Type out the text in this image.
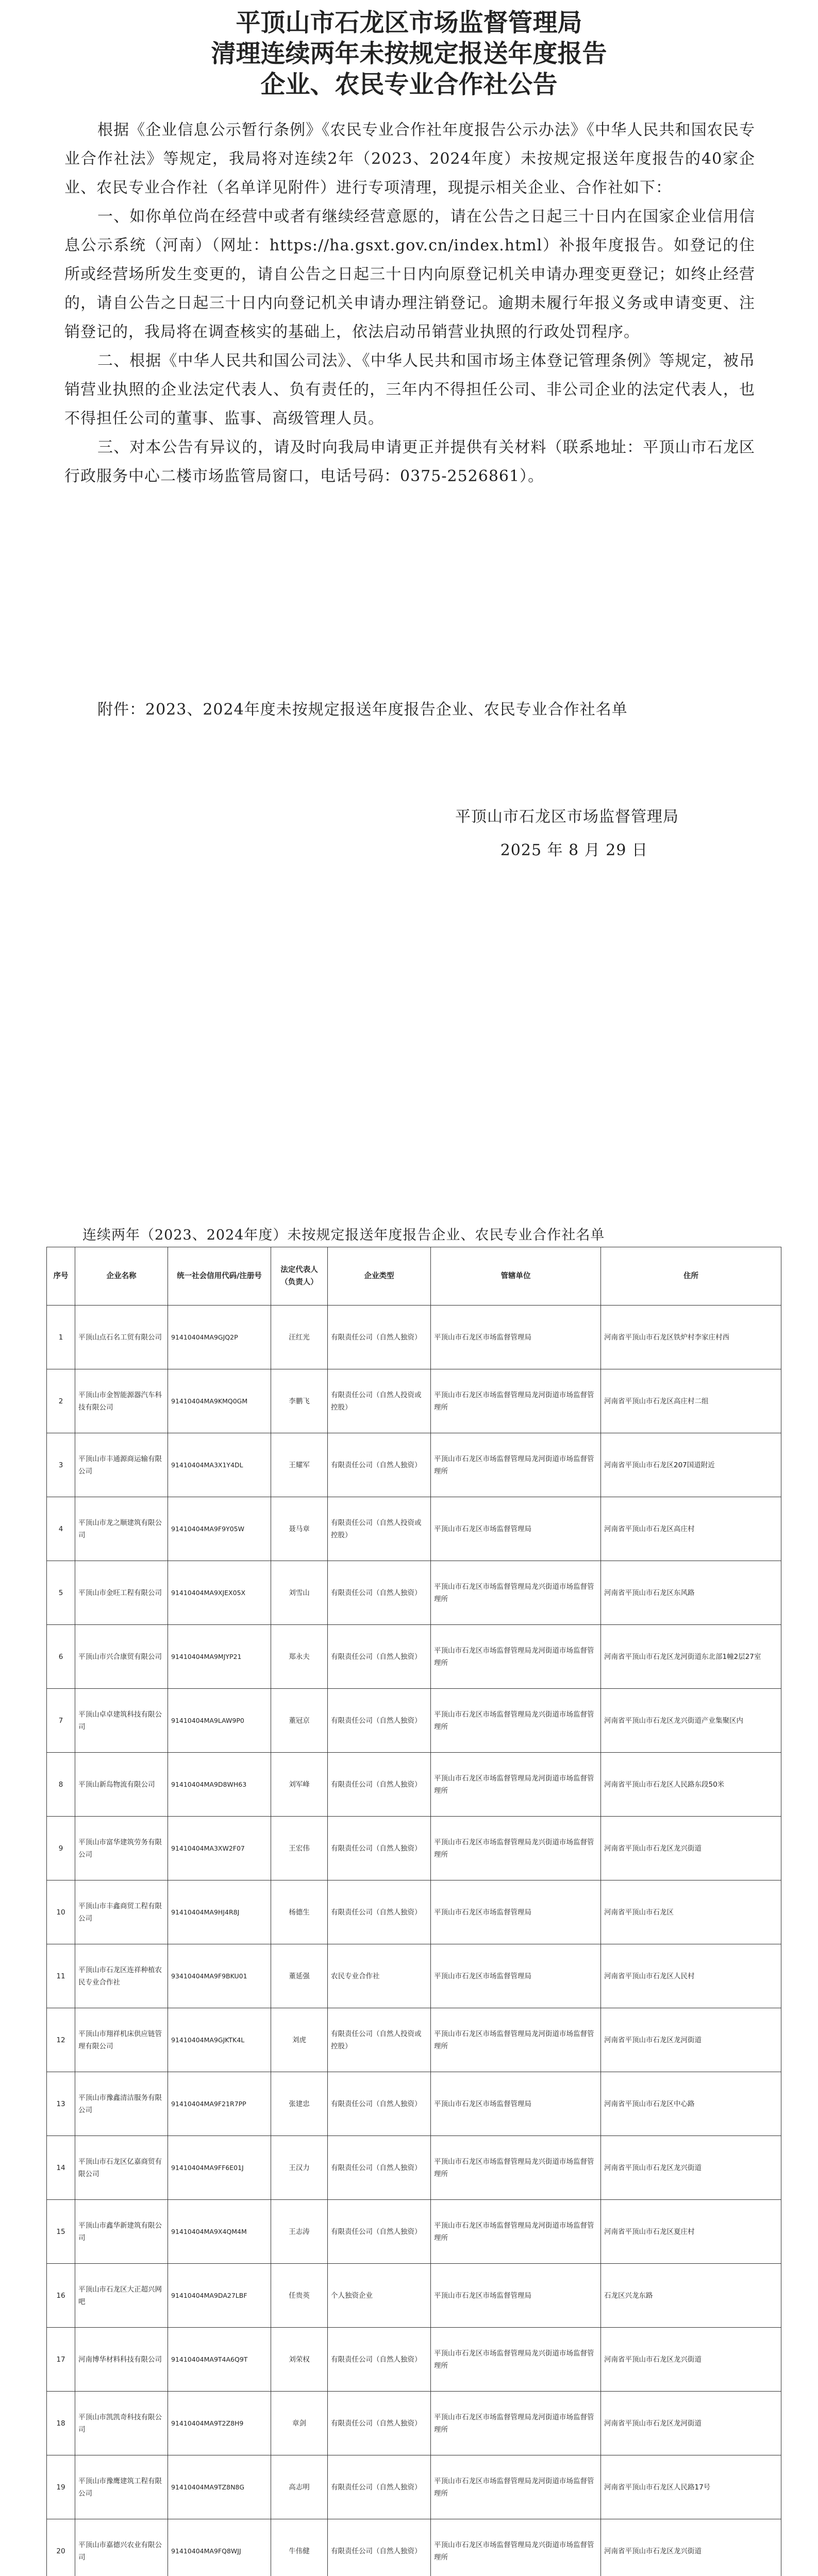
平顶山市石龙区市场监督管理局
清理连续两年未按规定报送年度报告
企业、农民专业合作社公告

根据《企业信息公示暂行条例》《农民专业合作社年度报告公示办法》《中华人民共和国农民专业合作社法》等规定，我局将对连续2年（2023、2024年度）未按规定报送年度报告的40家企业、农民专业合作社（名单详见附件）进行专项清理，现提示相关企业、合作社如下：

一、如你单位尚在经营中或者有继续经营意愿的，请在公告之日起三十日内在国家企业信用信息公示系统（河南）（网址：https://ha.gsxt.gov.cn/index.html）补报年度报告。如登记的住所或经营场所发生变更的，请自公告之日起三十日内向原登记机关申请办理变更登记；如终止经营的，请自公告之日起三十日内向登记机关申请办理注销登记。逾期未履行年报义务或申请变更、注销登记的，我局将在调查核实的基础上，依法启动吊销营业执照的行政处罚程序。

二、根据《中华人民共和国公司法》、《中华人民共和国市场主体登记管理条例》等规定，被吊销营业执照的企业法定代表人、负有责任的，三年内不得担任公司、非公司企业的法定代表人，也不得担任公司的董事、监事、高级管理人员。

三、对本公告有异议的，请及时向我局申请更正并提供有关材料（联系地址：平顶山市石龙区行政服务中心二楼市场监管局窗口，电话号码：0375-2526861）。

附件：2023、2024年度未按规定报送年度报告企业、农民专业合作社名单
平顶山市石龙区市场监督管理局
2025 年 8 月 29 日
连续两年（2023、2024年度）未按规定报送年度报告企业、农民专业合作社名单
序号	企业名称	统一社会信用代码/注册号	法定代表人（负责人）	企业类型	管辖单位	住所
1	平顶山点石名工贸有限公司	91410404MA9GJQ2P	汪红光	有限责任公司（自然人独资）	平顶山市石龙区市场监督管理局	河南省平顶山市石龙区铁炉村李家庄村西
2	平顶山市金智能源器汽车科技有限公司	91410404MA9KMQ0GM	李鹏飞	有限责任公司（自然人投资或控股）	平顶山市石龙区市场监督管理局龙河街道市场监督管理所	河南省平顶山市石龙区高庄村二组
3	平顶山市丰通源商运输有限公司	91410404MA3X1Y4DL	王耀军	有限责任公司（自然人独资）	平顶山市石龙区市场监督管理局龙河街道市场监督管理所	河南省平顶山市石龙区207国道附近
4	平顶山市龙之顺建筑有限公司	91410404MA9F9Y05W	聂马章	有限责任公司（自然人投资或控股）	平顶山市石龙区市场监督管理局	河南省平顶山市石龙区高庄村
5	平顶山市金旺工程有限公司	91410404MA9XJEX05X	刘雪山	有限责任公司（自然人独资）	平顶山市石龙区市场监督管理局龙兴街道市场监督管理所	河南省平顶山市石龙区东风路
6	平顶山市兴合康贸有限公司	91410404MA9MJYP21	郑永夫	有限责任公司（自然人独资）	平顶山市石龙区市场监督管理局龙河街道市场监督管理所	河南省平顶山市石龙区龙河街道东北部1幢2层27室
7	平顶山卓卓建筑科技有限公司	91410404MA9LAW9P0	董冠京	有限责任公司（自然人独资）	平顶山市石龙区市场监督管理局龙兴街道市场监督管理所	河南省平顶山市石龙区龙兴街道产业集聚区内
8	平顶山新岛物流有限公司	91410404MA9D8WH63	刘军峰	有限责任公司（自然人独资）	平顶山市石龙区市场监督管理局龙河街道市场监督管理所	河南省平顶山市石龙区人民路东段50米
9	平顶山市富华建筑劳务有限公司	91410404MA3XW2F07	王宏伟	有限责任公司（自然人独资）	平顶山市石龙区市场监督管理局龙兴街道市场监督管理所	河南省平顶山市石龙区龙兴街道
10	平顶山市丰鑫商贸工程有限公司	91410404MA9HJ4R8J	杨德生	有限责任公司（自然人独资）	平顶山市石龙区市场监督管理局	河南省平顶山市石龙区
11	平顶山市石龙区连祥种植农民专业合作社	93410404MA9F9BKU01	董延强	农民专业合作社	平顶山市石龙区市场监督管理局	河南省平顶山市石龙区人民村
12	平顶山市翔祥机床供应链管理有限公司	91410404MA9GJKTK4L	刘虎	有限责任公司（自然人投资或控股）	平顶山市石龙区市场监督管理局龙河街道市场监督管理所	河南省平顶山市石龙区龙河街道
13	平顶山市豫鑫清洁服务有限公司	91410404MA9F21R7PP	张建忠	有限责任公司（自然人独资）	平顶山市石龙区市场监督管理局	河南省平顶山市石龙区中心路
14	平顶山市石龙区亿嘉商贸有限公司	91410404MA9FF6E01J	王汉力	有限责任公司（自然人独资）	平顶山市石龙区市场监督管理局龙兴街道市场监督管理所	河南省平顶山市石龙区龙兴街道
15	平顶山市鑫华新建筑有限公司	91410404MA9X4QM4M	王志涛	有限责任公司（自然人独资）	平顶山市石龙区市场监督管理局龙河街道市场监督管理所	河南省平顶山市石龙区夏庄村
16	平顶山市石龙区大正超兴网吧	91410404MA9DA27LBF	任贵英	个人独资企业	平顶山市石龙区市场监督管理局	石龙区兴龙东路
17	河南博华材料科技有限公司	91410404MA9T4A6Q9T	刘荣权	有限责任公司（自然人独资）	平顶山市石龙区市场监督管理局龙兴街道市场监督管理所	河南省平顶山市石龙区龙兴街道
18	平顶山市凯凯奇科技有限公司	91410404MA9T2Z8H9	章剑	有限责任公司（自然人独资）	平顶山市石龙区市场监督管理局龙河街道市场监督管理所	河南省平顶山市石龙区龙河街道
19	平顶山市豫鹰建筑工程有限公司	91410404MA9TZ8N8G	高志明	有限责任公司（自然人独资）	平顶山市石龙区市场监督管理局龙河街道市场监督管理所	河南省平顶山市石龙区人民路17号
20	平顶山市嘉德兴农业有限公司	91410404MA9FQ8WJJ	牛伟健	有限责任公司（自然人独资）	平顶山市石龙区市场监督管理局龙兴街道市场监督管理所	河南省平顶山市石龙区龙兴街道
